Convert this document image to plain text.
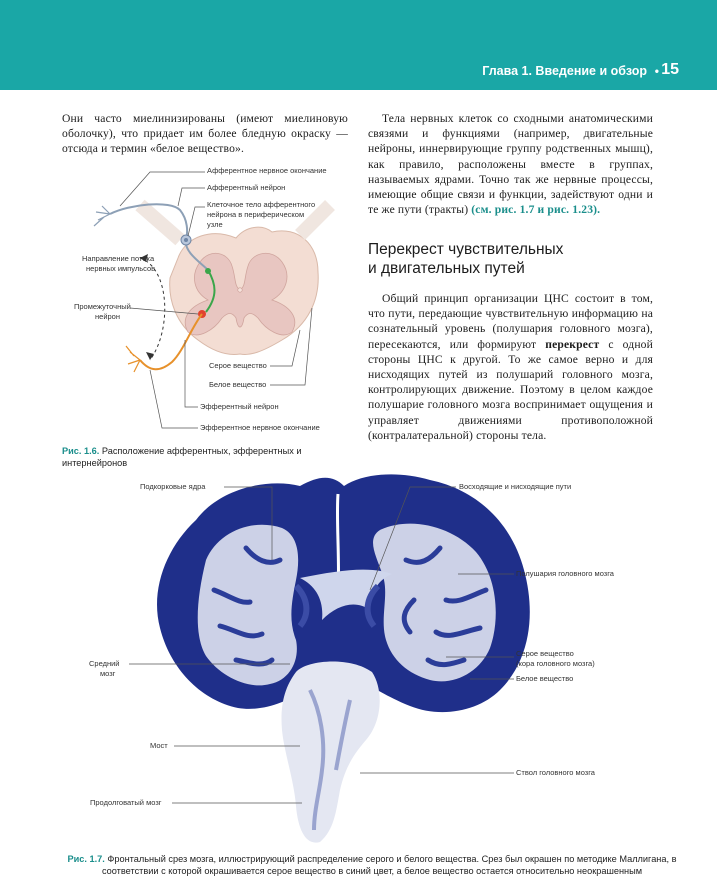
Глава 1. Введение и обзор • 15
Они часто миелинизированы (имеют миелиновую оболочку), что придает им более бледную окраску — отсюда и термин «белое вещество».
Тела нервных клеток со сходными анатомическими связями и функциями (например, двигательные нейроны, иннервирующие группу родственных мышц), как правило, расположены вместе в группах, называемых ядрами. Точно так же нервные процессы, имеющие общие связи и функции, задействуют одни и те же пути (тракты) (см. рис. 1.7 и рис. 1.23).
Перекрест чувствительных
и двигательных путей
Общий принцип организации ЦНС состоит в том, что пути, передающие чувствительную информацию на сознательный уровень (полушария головного мозга), пересекаются, или формируют перекрест с одной стороны ЦНС к другой. То же самое верно и для нисходящих путей из полушарий головного мозга, контролирующих движение. Поэтому в целом каждое полушарие головного мозга воспринимает ощущения и управляет движениями противоположной (контралатеральной) стороны тела.
Афферентное нервное окончание
Афферентный нейрон
Клеточное тело афферентного
нейрона в периферическом
узле
Направление потока
нервных импульсов
Промежуточный
нейрон
Серое вещество
Белое вещество
Эфферентный нейрон
Эфферентное нервное окончание
Рис. 1.6. Расположение афферентных, эфферентных и интернейронов
Подкорковые ядра	Восходящие и нисходящие пути
Полушария головного мозга
Средний
мозг
Серое вещество
(кора головного мозга)
Белое вещество
Мост
Ствол головного мозга
Продолговатый мозг
Рис. 1.7. Фронтальный срез мозга, иллюстрирующий распределение серого и белого вещества. Срез был окрашен по методике Маллигана, в соответствии с которой окрашивается серое вещество в синий цвет, а белое вещество остается относительно неокрашенным
